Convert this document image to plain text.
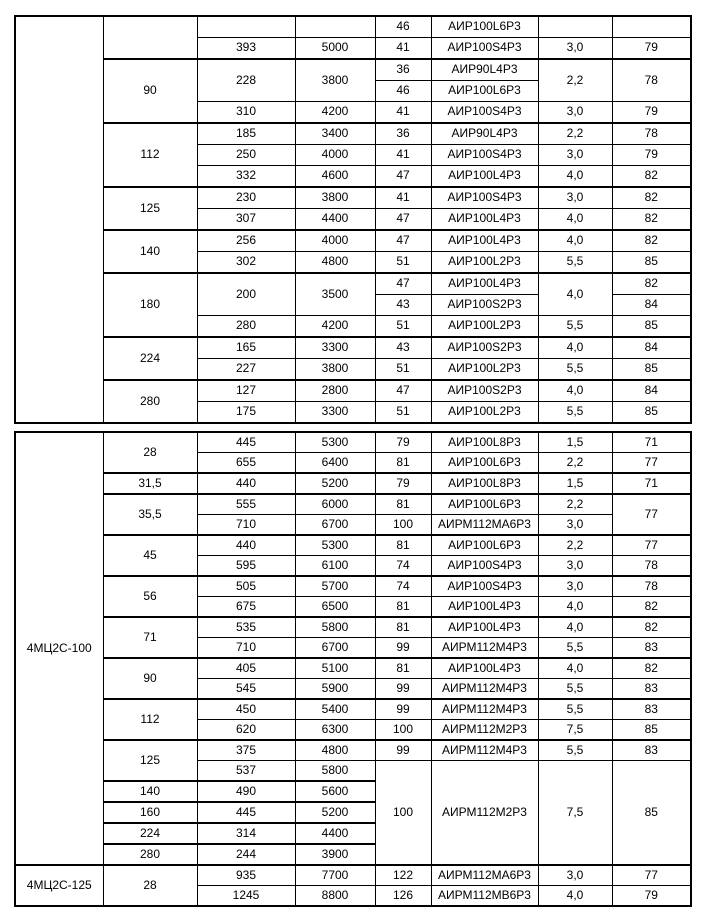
				46	АИР100L6Р3		
		393	5000	41	АИР100S4Р3	3,0	79
	90	228	3800	36	АИР90L4Р3	2,2	78
				46	АИР100L6Р3		
		310	4200	41	АИР100S4Р3	3,0	79
	112	185	3400	36	АИР90L4Р3	2,2	78
		250	4000	41	АИР100S4Р3	3,0	79
		332	4600	47	АИР100L4Р3	4,0	82
	125	230	3800	41	АИР100S4Р3	3,0	82
		307	4400	47	АИР100L4Р3	4,0	82
	140	256	4000	47	АИР100L4Р3	4,0	82
		302	4800	51	АИР100L2Р3	5,5	85
	180	200	3500	47	АИР100L4Р3	4,0	82
				43	АИР100S2Р3		84
		280	4200	51	АИР100L2Р3	5,5	85
	224	165	3300	43	АИР100S2Р3	4,0	84
		227	3800	51	АИР100L2Р3	5,5	85
	280	127	2800	47	АИР100S2Р3	4,0	84
		175	3300	51	АИР100L2Р3	5,5	85
4МЦ2С-100	28	445	5300	79	АИР100L8Р3	1,5	71
		655	6400	81	АИР100L6Р3	2,2	77
	31,5	440	5200	79	АИР100L8Р3	1,5	71
	35,5	555	6000	81	АИР100L6Р3	2,2	77
		710	6700	100	АИРМ112МА6Р3	3,0	
	45	440	5300	81	АИР100L6Р3	2,2	77
		595	6100	74	АИР100S4Р3	3,0	78
	56	505	5700	74	АИР100S4Р3	3,0	78
		675	6500	81	АИР100L4Р3	4,0	82
	71	535	5800	81	АИР100L4Р3	4,0	82
		710	6700	99	АИРМ112М4Р3	5,5	83
	90	405	5100	81	АИР100L4Р3	4,0	82
		545	5900	99	АИРМ112М4Р3	5,5	83
	112	450	5400	99	АИРМ112М4Р3	5,5	83
		620	6300	100	АИРМ112М2Р3	7,5	85
	125	375	4800	99	АИРМ112М4Р3	5,5	83
		537	5800	100	АИРМ112М2Р3	7,5	85
	140	490	5600				
	160	445	5200				
	224	314	4400				
	280	244	3900				
4МЦ2С-125	28	935	7700	122	АИРМ112МА6Р3	3,0	77
		1245	8800	126	АИРМ112МВ6Р3	4,0	79
